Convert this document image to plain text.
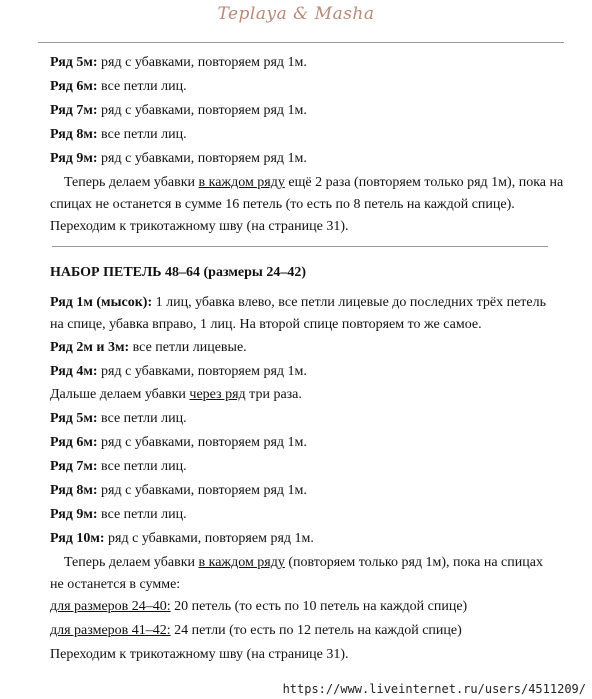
Teplaya & Masha

Ряд 5м: ряд с убавками, повторяем ряд 1м.

Ряд 6м: все петли лиц.

Ряд 7м: ряд с убавками, повторяем ряд 1м.

Ряд 8м: все петли лиц.

Ряд 9м: ряд с убавками, повторяем ряд 1м.

Теперь делаем убавки в каждом ряду ещё 2 раза (повторяем только ряд 1м), пока на спицах не останется в сумме 16 петель (то есть по 8 петель на каждой спице). Переходим к трикотажному шву (на странице 31).

НАБОР ПЕТЕЛЬ 48–64 (размеры 24–42)

Ряд 1м (мысок): 1 лиц, убавка влево, все петли лицевые до последних трёх петель на спице, убавка вправо, 1 лиц. На второй спице повторяем то же самое.

Ряд 2м и 3м: все петли лицевые.

Ряд 4м: ряд с убавками, повторяем ряд 1м.

Дальше делаем убавки через ряд три раза.

Ряд 5м: все петли лиц.

Ряд 6м: ряд с убавками, повторяем ряд 1м.

Ряд 7м: все петли лиц.

Ряд 8м: ряд с убавками, повторяем ряд 1м.

Ряд 9м: все петли лиц.

Ряд 10м: ряд с убавками, повторяем ряд 1м.

Теперь делаем убавки в каждом ряду (повторяем только ряд 1м), пока на спицах не останется в сумме:

для размеров 24–40: 20 петель (то есть по 10 петель на каждой спице)

для размеров 41–42: 24 петли (то есть по 12 петель на каждой спице)

Переходим к трикотажному шву (на странице 31).

https://www.liveinternet.ru/users/4511209/
